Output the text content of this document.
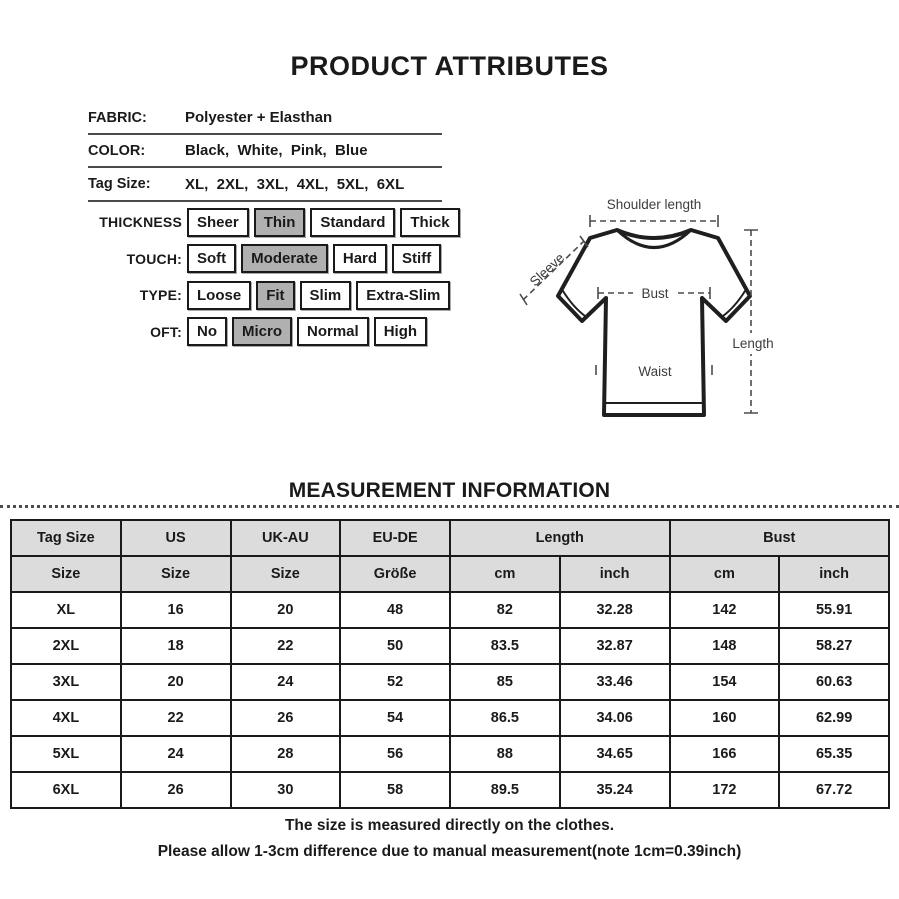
PRODUCT ATTRIBUTES
FABRIC:	Polyester + Elasthan
COLOR:	Black,  White,  Pink,  Blue
Tag Size:	XL,  2XL,  3XL,  4XL,  5XL,  6XL
THICKNESS	Sheer	Thin	Standard	Thick
TOUCH:	Soft	Moderate	Hard	Stiff
TYPE:	Loose	Fit	Slim	Extra-Slim
OFT:	No	Micro	Normal	High
Shoulder length
Sleeve
Bust
Waist
Length
MEASUREMENT INFORMATION
Tag Size	US	UK-AU	EU-DE	Length		Bust	
Size	Size	Size	Größe	cm	inch	cm	inch
XL	16	20	48	82	32.28	142	55.91
2XL	18	22	50	83.5	32.87	148	58.27
3XL	20	24	52	85	33.46	154	60.63
4XL	22	26	54	86.5	34.06	160	62.99
5XL	24	28	56	88	34.65	166	65.35
6XL	26	30	58	89.5	35.24	172	67.72

The size is measured directly on the clothes.

Please allow 1-3cm difference due to manual measurement(note 1cm=0.39inch)
